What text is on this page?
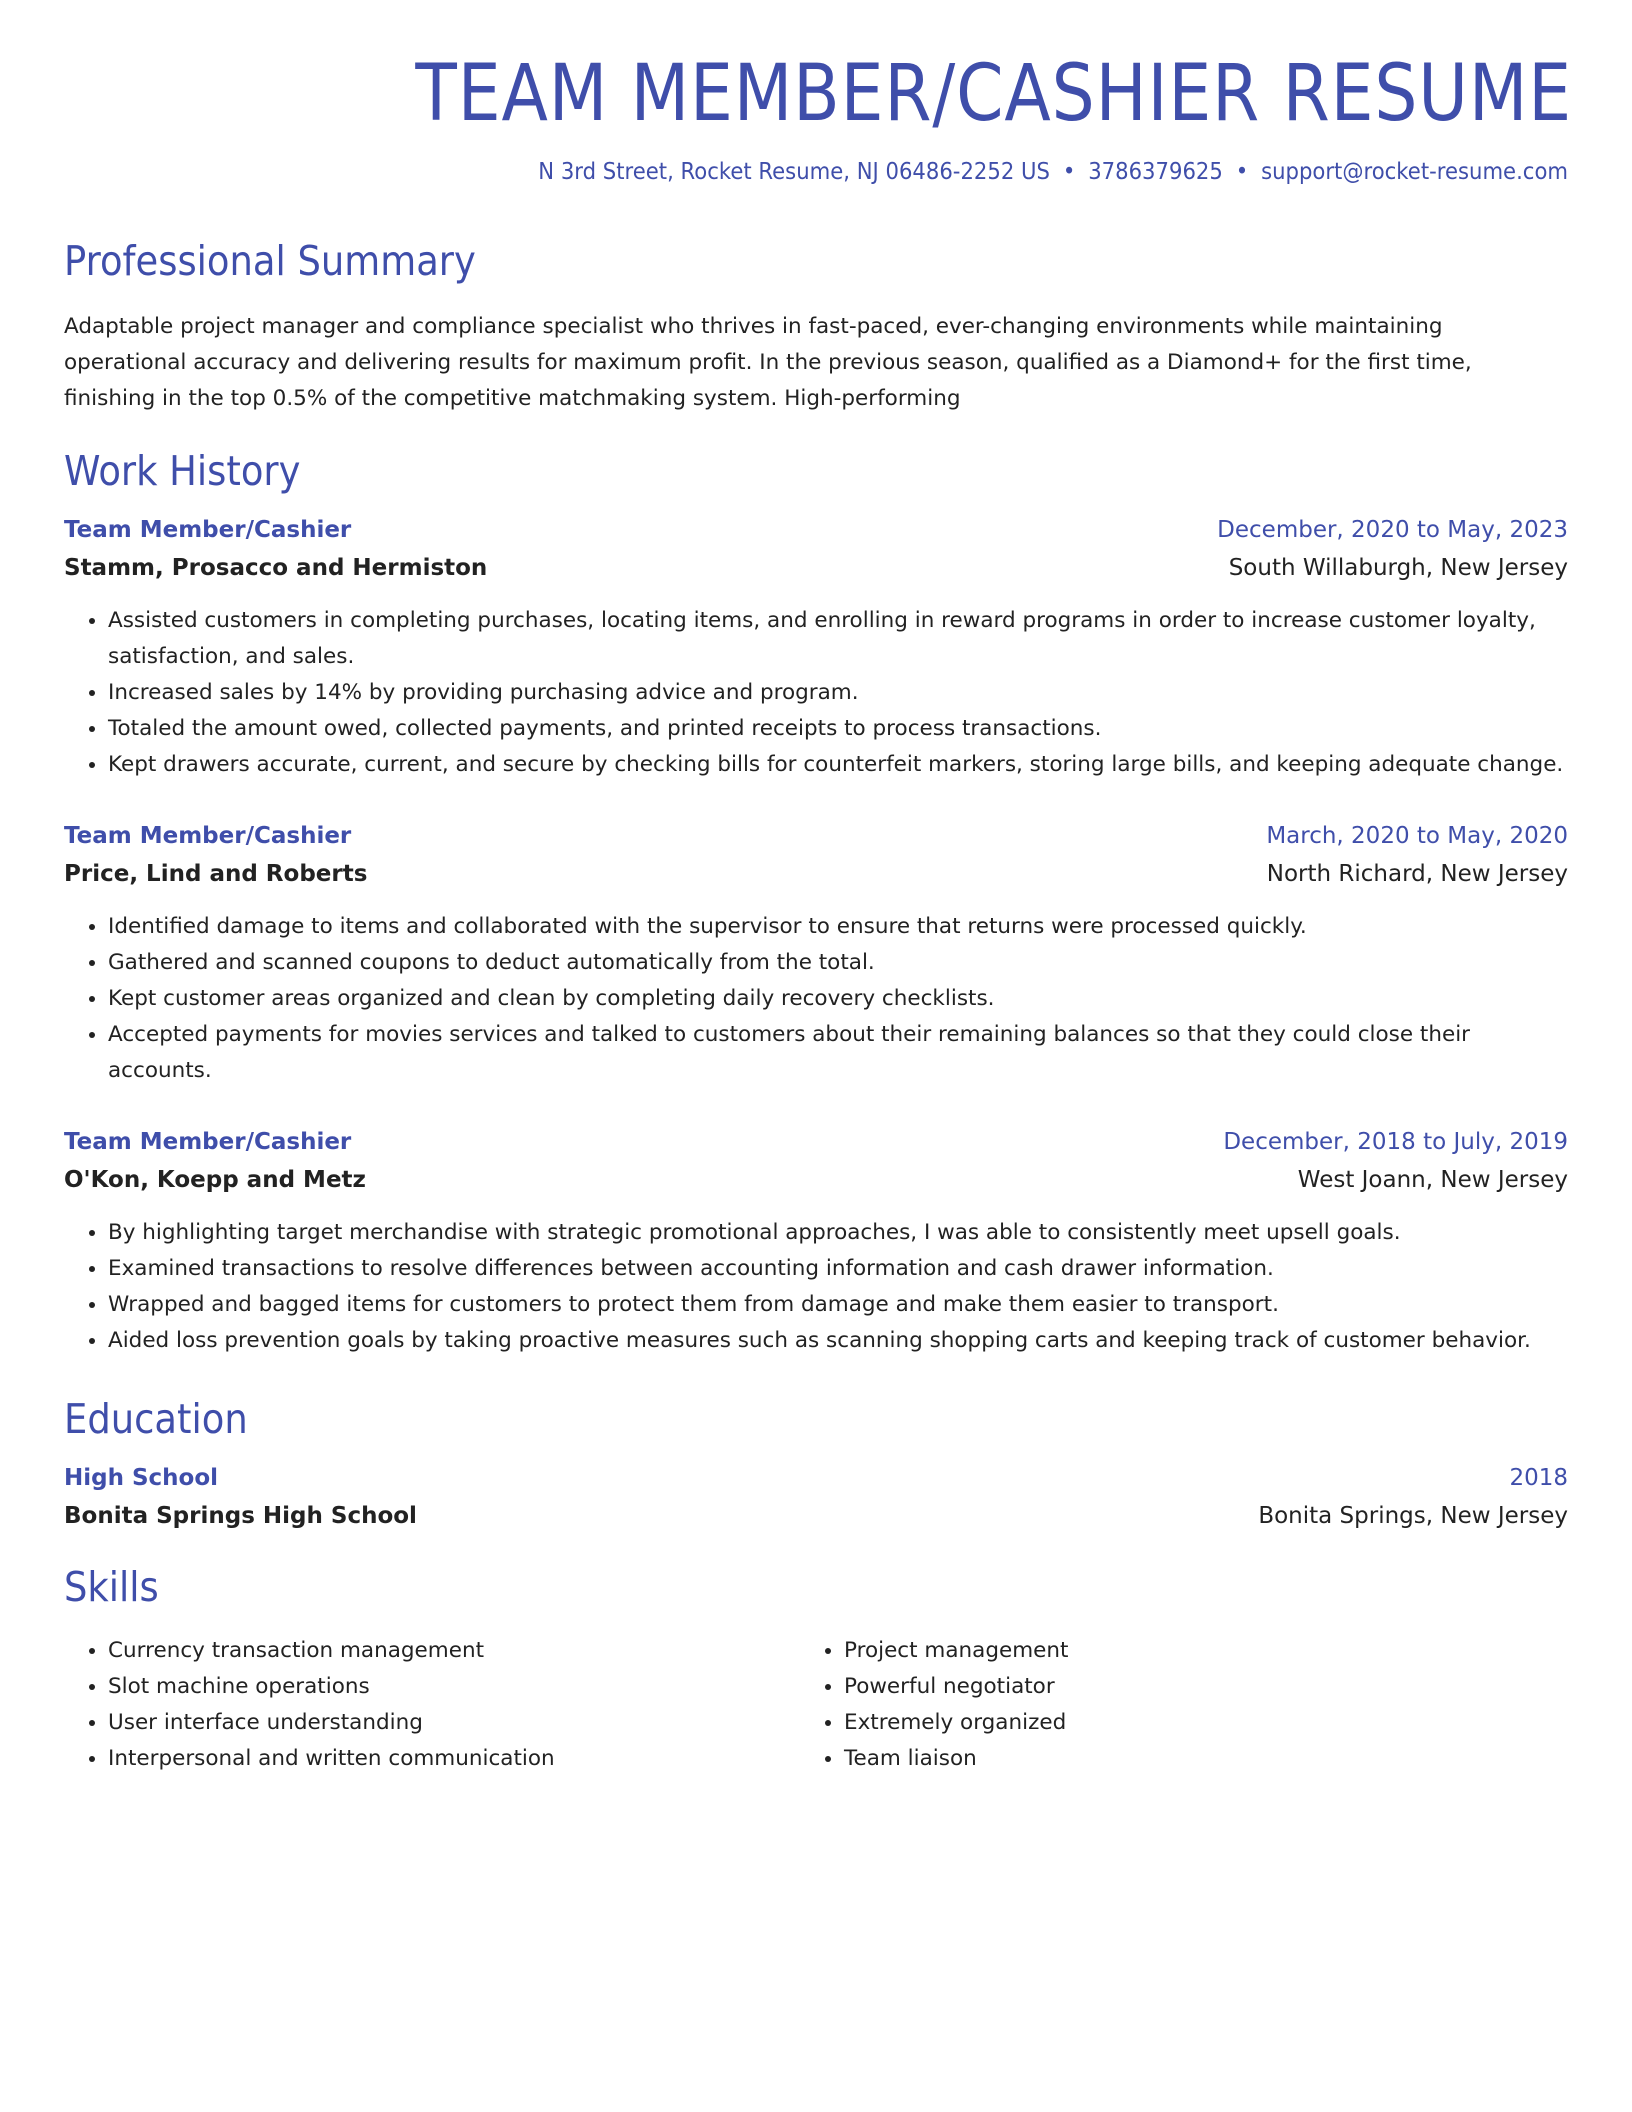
TEAM MEMBER/CASHIER RESUME
N 3rd Street, Rocket Resume, NJ 06486-2252 US • 3786379625 • support@rocket-resume.com
Professional Summary
Adaptable project manager and compliance specialist who thrives in fast-paced, ever-changing environments while maintaining operational accuracy and delivering results for maximum profit. In the previous season, qualified as a Diamond+ for the first time, finishing in the top 0.5% of the competitive matchmaking system. High-performing
Work History
Team Member/Cashier	December, 2020 to May, 2023
Stamm, Prosacco and Hermiston	South Willaburgh, New Jersey
• Assisted customers in completing purchases, locating items, and enrolling in reward programs in order to increase customer loyalty, satisfaction, and sales.
• Increased sales by 14% by providing purchasing advice and program.
• Totaled the amount owed, collected payments, and printed receipts to process transactions.
• Kept drawers accurate, current, and secure by checking bills for counterfeit markers, storing large bills, and keeping adequate change.
Team Member/Cashier	March, 2020 to May, 2020
Price, Lind and Roberts	North Richard, New Jersey
• Identified damage to items and collaborated with the supervisor to ensure that returns were processed quickly.
• Gathered and scanned coupons to deduct automatically from the total.
• Kept customer areas organized and clean by completing daily recovery checklists.
• Accepted payments for movies services and talked to customers about their remaining balances so that they could close their accounts.
Team Member/Cashier	December, 2018 to July, 2019
O'Kon, Koepp and Metz	West Joann, New Jersey
• By highlighting target merchandise with strategic promotional approaches, I was able to consistently meet upsell goals.
• Examined transactions to resolve differences between accounting information and cash drawer information.
• Wrapped and bagged items for customers to protect them from damage and make them easier to transport.
• Aided loss prevention goals by taking proactive measures such as scanning shopping carts and keeping track of customer behavior.
Education
High School	2018
Bonita Springs High School	Bonita Springs, New Jersey
Skills
• Currency transaction management
• Slot machine operations
• User interface understanding
• Interpersonal and written communication
• Project management
• Powerful negotiator
• Extremely organized
• Team liaison
